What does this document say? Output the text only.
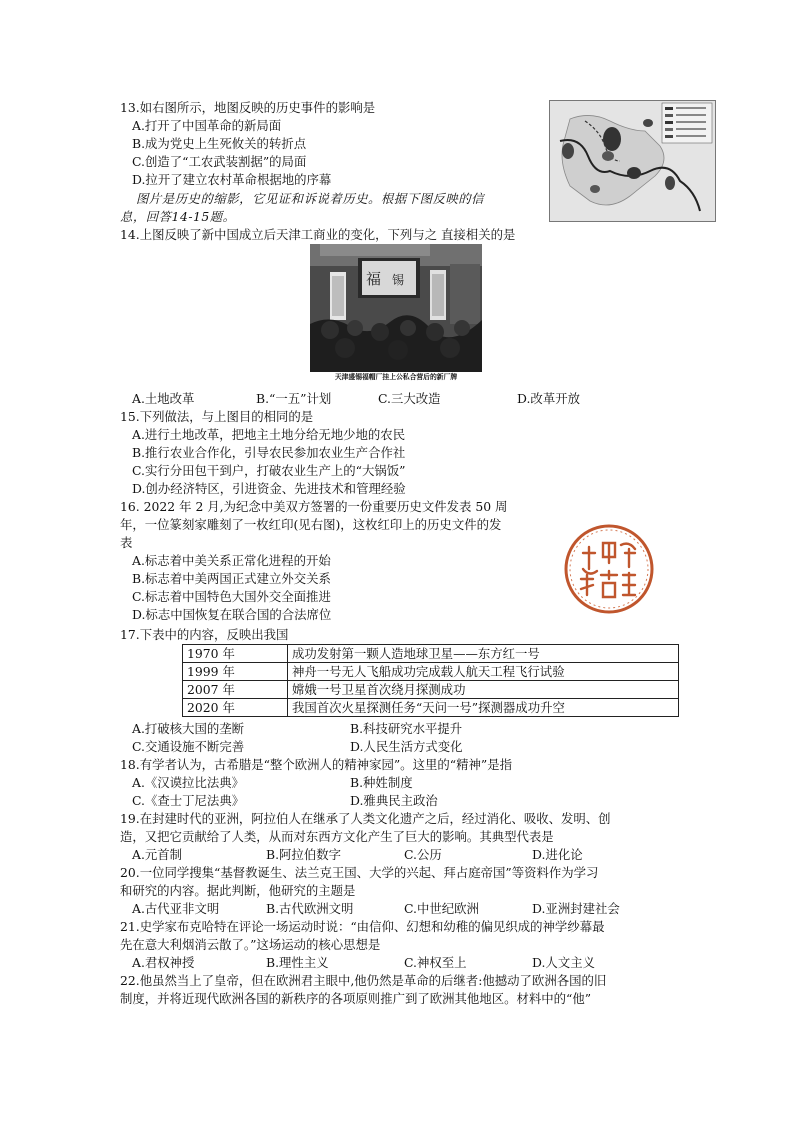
13.如右图所示，地图反映的历史事件的影响是
A.打开了中国革命的新局面
B.成为党史上生死攸关的转折点
C.创造了“工农武装割据”的局面
D.拉开了建立农村革命根据地的序幕
图片是历史的缩影，它见证和诉说着历史。根据下图反映的信
息，回答14-15题。
14.上图反映了新中国成立后天津工商业的变化，下列与之 直接相关的是
福 锡
天津盛锡福帽厂挂上公私合营后的新厂牌
A.土地改革	B.“一五”计划	C.三大改造	D.改革开放
15.下列做法，与上图目的相同的是
A.进行土地改革，把地主土地分给无地少地的农民
B.推行农业合作化，引导农民参加农业生产合作社
C.实行分田包干到户，打破农业生产上的“大锅饭”
D.创办经济特区，引进资金、先进技术和管理经验
16. 2022 年 2 月,为纪念中美双方签署的一份重要历史文件发表 50 周
年，一位篆刻家雕刻了一枚红印(见右图)，这枚红印上的历史文件的发
表
A.标志着中美关系正常化进程的开始
B.标志着中美两国正式建立外交关系
C.标志着中国特色大国外交全面推进
D.标志中国恢复在联合国的合法席位
17.下表中的内容，反映出我国
1970 年	成功发射第一颗人造地球卫星——东方红一号
1999 年	神舟一号无人飞船成功完成载人航天工程飞行试验
2007 年	嫦娥一号卫星首次绕月探测成功
2020 年	我国首次火星探测任务“天问一号”探测器成功升空
A.打破核大国的垄断	B.科技研究水平提升
C.交通设施不断完善	D.人民生活方式变化
18.有学者认为，古希腊是“整个欧洲人的精神家园”。这里的“精神”是指
A.《汉谟拉比法典》	B.种姓制度
C.《查士丁尼法典》	D.雅典民主政治
19.在封建时代的亚洲，阿拉伯人在继承了人类文化遗产之后，经过消化、吸收、发明、创
造，又把它贡献给了人类，从而对东西方文化产生了巨大的影响。其典型代表是
A.元首制	B.阿拉伯数字	C.公历	D.进化论
20.一位同学搜集“基督教诞生、法兰克王国、大学的兴起、拜占庭帝国”等资料作为学习
和研究的内容。据此判断，他研究的主题是
A.古代亚非文明	B.古代欧洲文明	C.中世纪欧洲	D.亚洲封建社会
21.史学家布克哈特在评论一场运动时说：“由信仰、幻想和幼稚的偏见织成的神学纱幕最
先在意大利烟消云散了。”这场运动的核心思想是
A.君权神授	B.理性主义	C.神权至上	D.人文主义
22.他虽然当上了皇帝，但在欧洲君主眼中,他仍然是革命的后继者:他撼动了欧洲各国的旧
制度，并将近现代欧洲各国的新秩序的各项原则推广到了欧洲其他地区。材料中的“他”
